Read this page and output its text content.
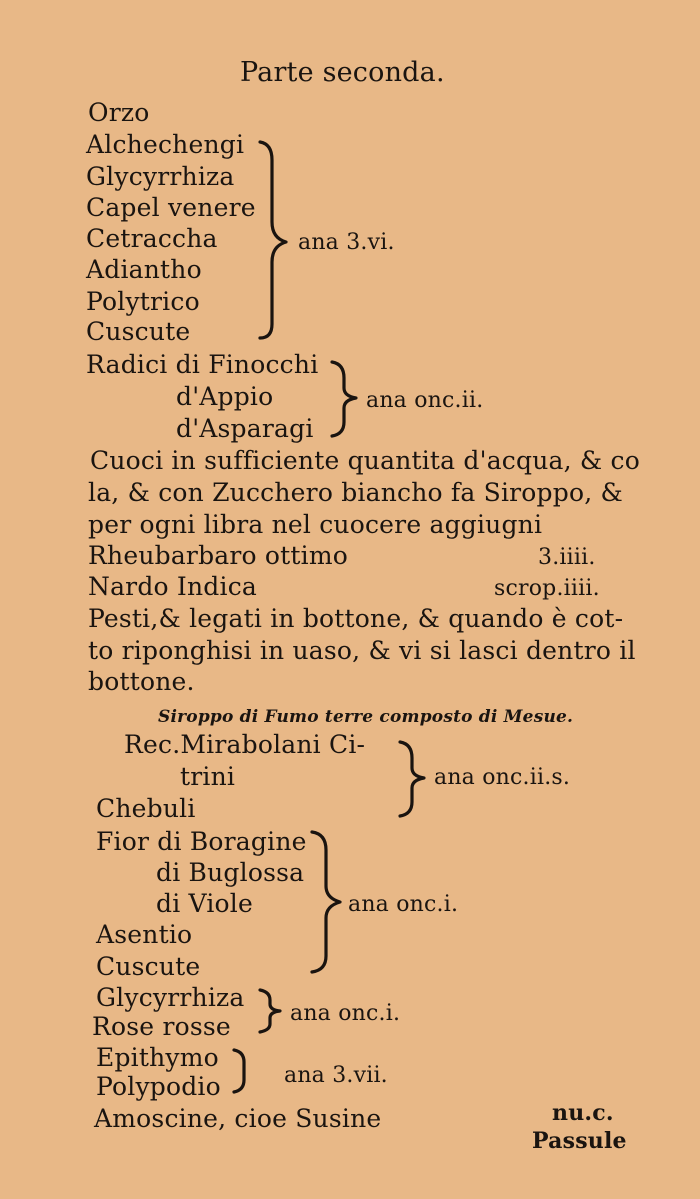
Parte seconda.
Orzo
Alchechengi
Glycyrrhiza
Capel venere
Cetraccha
Adiantho
Polytrico
Cuscute
ana 3.vi.
Radici di Finocchi
d'Appio
d'Asparagi
ana onc.ii.
Cuoci in sufficiente quantita d'acqua, & co
la, & con Zucchero biancho fa Siroppo, &
per ogni libra nel cuocere aggiugni
Rheubarbaro ottimo	3.iiii.
Nardo Indica	scrop.iiii.
Pesti,& legati in bottone, & quando è cot-
to riponghisi in uaso, & vi si lasci dentro il
bottone.
Siroppo di Fumo terre composto di Mesue.
Rec.Mirabolani Ci-
trini
Chebuli
ana onc.ii.s.
Fior di Boragine
di Buglossa
di Viole
Asentio
Cuscute
ana onc.i.
Glycyrrhiza
Rose rosse	ana onc.i.
Epithymo
Polypodio	ana 3.vii.
Amoscine, cioe Susine	nu.c.
Passule
